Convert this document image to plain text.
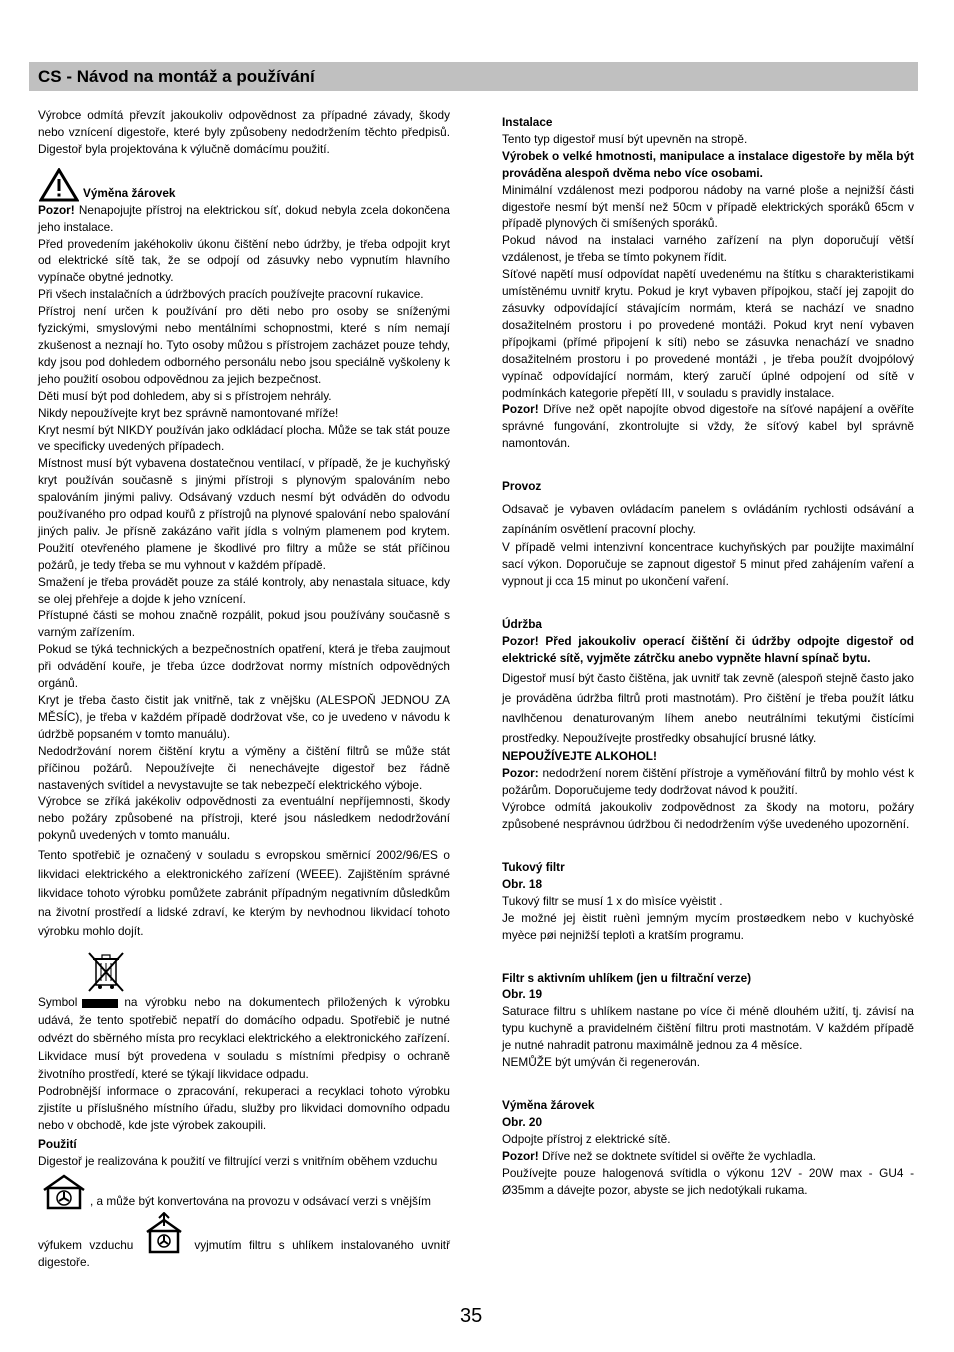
CS - Návod na montáž a používání

Výrobce odmítá převzít jakoukoliv odpovědnost za případné závady, škody nebo vznícení digestoře, které byly způsobeny nedodržením těchto předpisů. Digestoř byla projektována k výlučně domácímu použití.

Výměna žárovek

Pozor! Nenapojujte přístroj na elektrickou síť, dokud nebyla zcela dokončena jeho instalace.

Před provedením jakéhokoliv úkonu čištění nebo údržby, je třeba odpojit kryt od elektrické sítě tak, že se odpojí od zásuvky nebo vypnutím hlavního vypínače obytné jednotky.

Při všech instalačních a údržbových pracích používejte pracovní rukavice.

Přístroj není určen k používání pro děti nebo pro osoby se sníženými fyzickými, smyslovými nebo mentálními schopnostmi, které s ním nemají zkušenost a neznají ho. Tyto osoby můžou s přístrojem zacházet pouze tehdy, kdy jsou pod dohledem odborného personálu nebo jsou speciálně vyškoleny k jeho použití osobou odpovědnou za jejich bezpečnost.

Děti musí být pod dohledem, aby si s přístrojem nehrály.

Nikdy nepoužívejte kryt bez správně namontované mříže!

Kryt nesmí být NIKDY používán jako odkládací plocha. Může se tak stát pouze ve specificky uvedených případech.

Místnost musí být vybavena dostatečnou ventilací, v případě, že je kuchyňský kryt používán současně s jinými přístroji s plynovým spalováním nebo spalováním jinými palivy. Odsávaný vzduch nesmí být odváděn do odvodu používaného pro odpad kouřů z přístrojů na plynové spalování nebo spalování jiných paliv. Je přísně zakázáno vařit jídla s volným plamenem pod krytem. Použití otevřeného plamene je škodlivé pro filtry a může se stát příčinou požárů, je tedy třeba se mu vyhnout v každém případě.

Smažení je třeba provádět pouze za stálé kontroly, aby nenastala situace, kdy se olej přehřeje a dojde k jeho vznícení.

Přístupné části se mohou značně rozpálit, pokud jsou používány současně s varným zařízením.

Pokud se týká technických a bezpečnostních opatření, která je třeba zaujmout při odvádění kouře, je třeba úzce dodržovat normy místních odpovědných orgánů.

Kryt je třeba často čistit jak vnitřně, tak z vnějšku (ALESPOŇ JEDNOU ZA MĚSÍC), je třeba v každém případě dodržovat vše, co je uvedeno v návodu k údržbě popsaném v tomto manuálu).

Nedodržování norem čištění krytu a výměny a čištění filtrů se může stát příčinou požárů. Nepoužívejte či nenechávejte digestoř bez řádně nastavených svítidel a nevystavujte se tak nebezpečí elektrického výboje.

Výrobce se zříká jakékoliv odpovědnosti za eventuální nepříjemnosti, škody nebo požáry způsobené na přístroji, které jsou následkem nedodržování pokynů uvedených v tomto manuálu.

Tento spotřebič je označený v souladu s evropskou směrnicí 2002/96/ES o likvidaci elektrického a elektronického zařízení (WEEE). Zajištěním správné likvidace tohoto výrobku pomůžete zabránit případným negativním důsledkům na životní prostředí a lidské zdraví, ke kterým by nevhodnou likvidací tohoto výrobku mohlo dojít.

Symbol	na výrobku nebo na dokumentech přiložených k výrobku udává, že tento spotřebič nepatří do domácího odpadu. Spotřebič je nutné odvézt do sběrného místa pro recyklaci elektrického a elektronického zařízení. Likvidace musí být provedena v souladu s místními předpisy o ochraně životního prostředí, které se týkají likvidace odpadu.

Podrobnější informace o zpracování, rekuperaci a recyklaci tohoto výrobku zjistíte u příslušného místního úřadu, služby pro likvidaci domovního odpadu nebo v obchodě, kde jste výrobek zakoupili.

Použití

Digestoř je realizována k použití ve filtrující verzi s vnitřním oběhem vzduchu

, a může být konvertována na provozu v odsávací verzi s vnějším

výfukem vzduchu	vyjmutím filtru s uhlíkem instalovaného uvnitř digestoře.

Instalace

Tento typ digestoř musí být upevněn na stropě.

Výrobek o velké hmotnosti, manipulace a instalace digestoře by měla být prováděna alespoň dvěma nebo více osobami.

Minimální vzdálenost mezi podporou nádoby na varné ploše a nejnižší části digestoře nesmí být menší než 50cm v případě elektrických sporáků 65cm v případě plynových či smíšených sporáků.

Pokud návod na instalaci varného zařízení na plyn doporučují větší vzdálenost, je třeba se tímto pokynem řídit.

Síťové napětí musí odpovídat napětí uvedenému na štítku s charakteristikami umístěnému uvnitř krytu. Pokud je kryt vybaven přípojkou, stačí jej zapojit do zásuvky odpovídající stávajícím normám, která se nachází ve snadno dosažitelném prostoru i po provedené montáži. Pokud kryt není vybaven přípojkami (přímé připojení k síti) nebo se zásuvka nenachází ve snadno dosažitelném prostoru i po provedené montáži , je třeba použít dvojpólový vypínač odpovídající normám, který zaručí úplné odpojení od sítě v podmínkách kategorie přepětí III, v souladu s pravidly instalace.

Pozor! Dříve než opět napojíte obvod digestoře na síťové napájení a ověříte správné fungování, zkontrolujte si vždy, že síťový kabel byl správně namontován.

Provoz

Odsavač je vybaven ovládacím panelem s ovládáním rychlosti odsávání a zapínáním osvětlení pracovní plochy.

V případě velmi intenzivní koncentrace kuchyňských par použijte maximální sací výkon. Doporučuje se zapnout digestoř 5 minut před zahájením vaření a vypnout ji cca 15 minut po ukončení vaření.

Údržba

Pozor! Před jakoukoliv operací čištění či údržby odpojte digestoř od elektrické sítě, vyjměte zátrčku anebo vypněte hlavní spínač bytu.

Digestoř musí být často čištěna, jak uvnitř tak zevně (alespoň stejně často jako je prováděna údržba filtrů proti mastnotám). Pro čištění je třeba použít látku navlhčenou denaturovaným líhem anebo neutrálními tekutými čistícími prostředky. Nepoužívejte prostředky obsahující brusné látky.

NEPOUŽÍVEJTE ALKOHOL!

Pozor: nedodržení norem čištění přístroje a vyměňování filtrů by mohlo vést k požárům. Doporučujeme tedy dodržovat návod k použití.

Výrobce odmítá jakoukoliv zodpovědnost za škody na motoru, požáry způsobené nesprávnou údržbou či nedodržením výše uvedeného upozornění.

Tukový filtr

Obr. 18

Tukový filtr se musí 1 x do mìsíce vyèistit .

Je možné jej èistit ruènì jemným mycím prostøedkem nebo v kuchyòské myèce pøi nejnižší teplotì a kratším programu.

Filtr s aktivním uhlíkem (jen u filtrační verze)

Obr. 19

Saturace filtru s uhlíkem nastane po více či méně dlouhém užití, tj. závisí na typu kuchyně a pravidelném čištění filtru proti mastnotám. V každém případě je nutné nahradit patronu maximálně jednou za 4 měsíce.

NEMŮŽE být umýván či regenerován.

Výměna žárovek

Obr. 20

Odpojte přístroj z elektrické sítě.

Pozor! Dříve než se doktnete svítidel si ověřte že vychladla.

Používejte pouze halogenová svítidla o výkonu 12V - 20W max - GU4 - Ø35mm a dávejte pozor, abyste se jich nedotýkali rukama.

35
